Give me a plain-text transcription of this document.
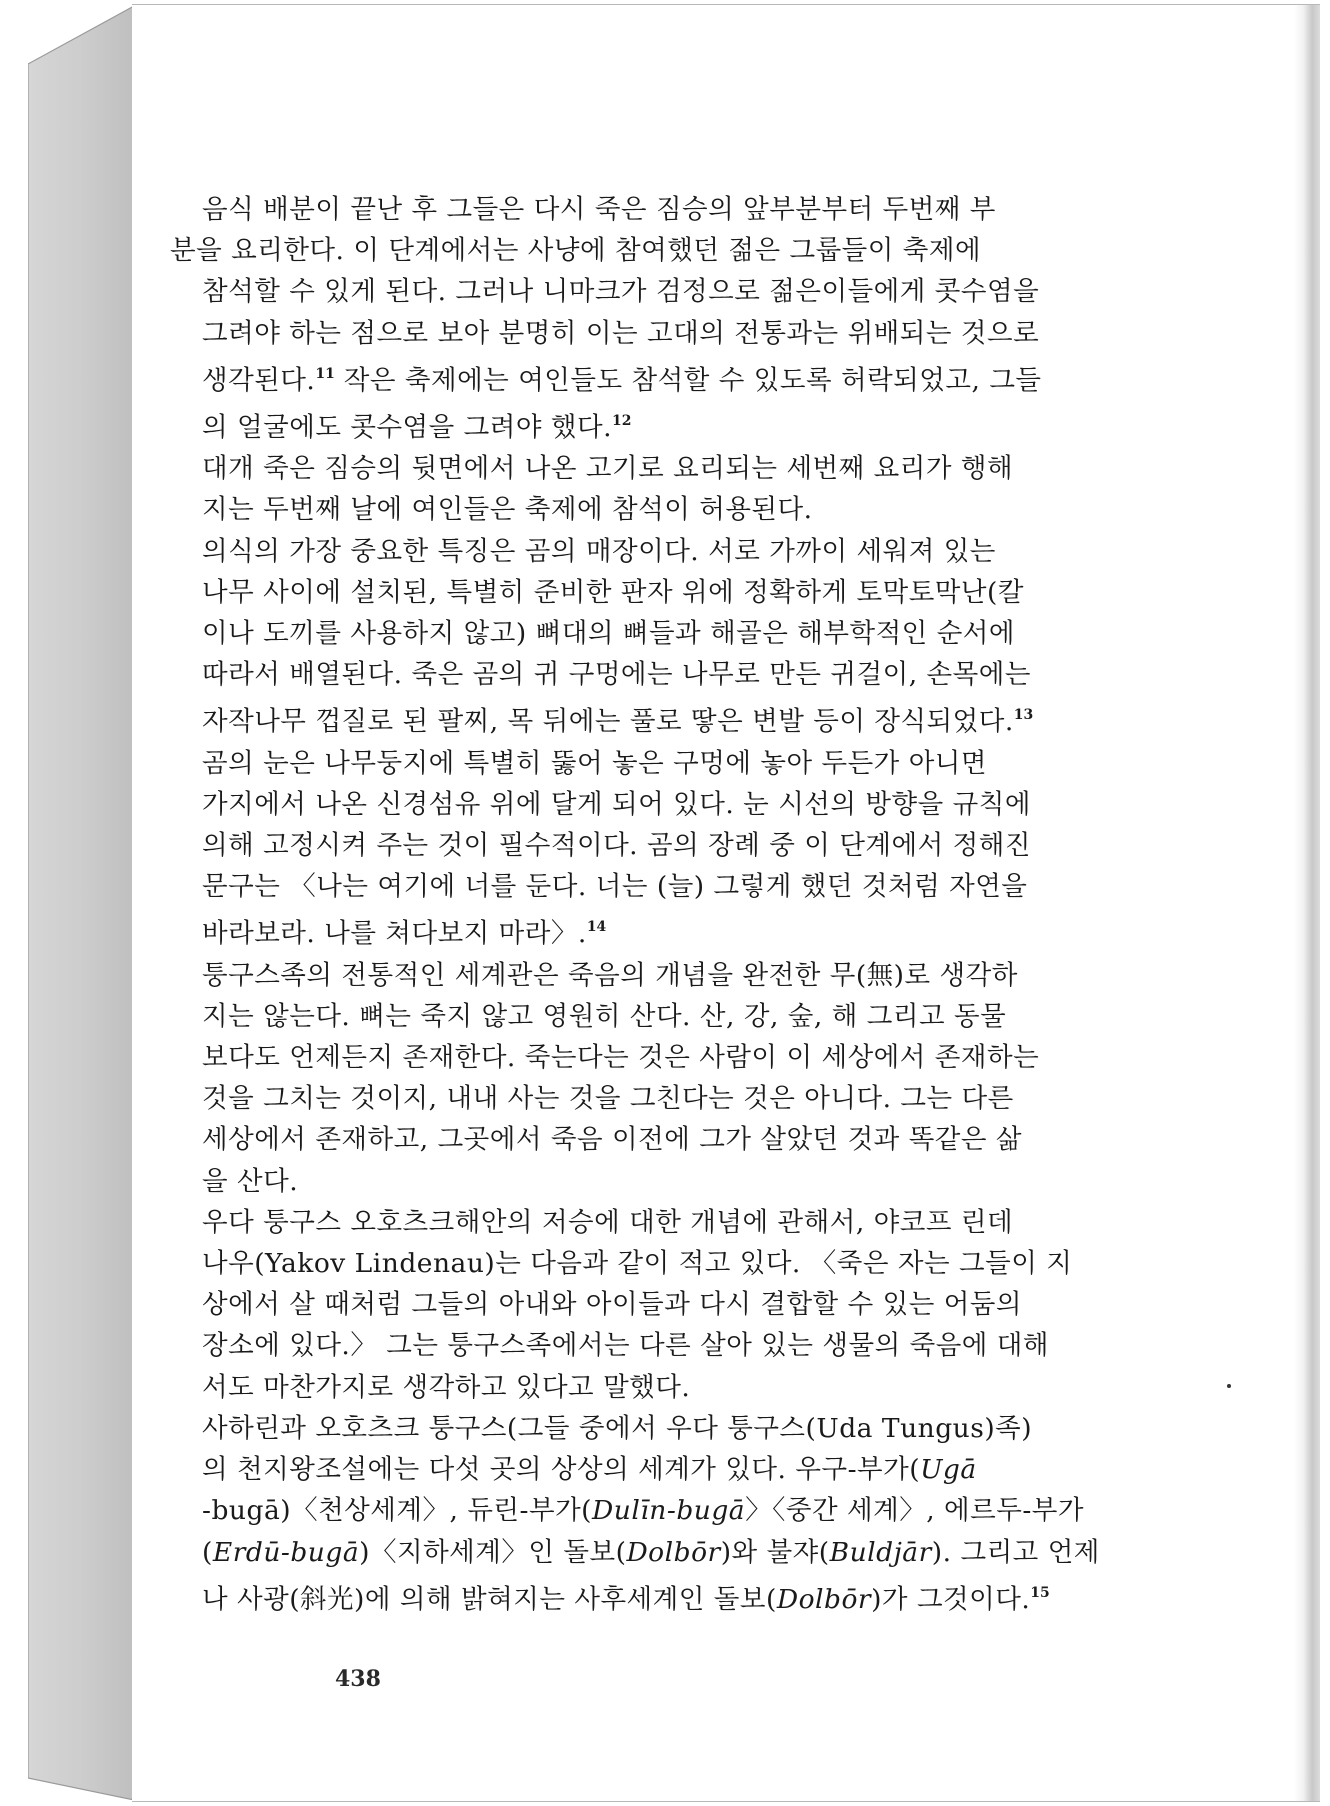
음식 배분이 끝난 후 그들은 다시 죽은 짐승의 앞부분부터 두번째 부
분을 요리한다. 이 단계에서는 사냥에 참여했던 젊은 그룹들이 축제에
참석할 수 있게 된다. 그러나 니마크가 검정으로 젊은이들에게 콧수염을
그려야 하는 점으로 보아 분명히 이는 고대의 전통과는 위배되는 것으로
생각된다.$^{11}$ 작은 축제에는 여인들도 참석할 수 있도록 허락되었고, 그들
의 얼굴에도 콧수염을 그려야 했다.$^{12}$

대개 죽은 짐승의 뒷면에서 나온 고기로 요리되는 세번째 요리가 행해
지는 두번째 날에 여인들은 축제에 참석이 허용된다.

의식의 가장 중요한 특징은 곰의 매장이다. 서로 가까이 세워져 있는
나무 사이에 설치된, 특별히 준비한 판자 위에 정확하게 토막토막난(칼
이나 도끼를 사용하지 않고) 뼈대의 뼈들과 해골은 해부학적인 순서에
따라서 배열된다. 죽은 곰의 귀 구멍에는 나무로 만든 귀걸이, 손목에는
자작나무 껍질로 된 팔찌, 목 뒤에는 풀로 땋은 변발 등이 장식되었다.$^{13}$

곰의 눈은 나무둥지에 특별히 뚫어 놓은 구멍에 놓아 두든가 아니면
가지에서 나온 신경섬유 위에 달게 되어 있다. 눈 시선의 방향을 규칙에
의해 고정시켜 주는 것이 필수적이다. 곰의 장례 중 이 단계에서 정해진
문구는 〈나는 여기에 너를 둔다. 너는 (늘) 그렇게 했던 것처럼 자연을
바라보라. 나를 쳐다보지 마라〉.$^{14}$

퉁구스족의 전통적인 세계관은 죽음의 개념을 완전한 무(無)로 생각하
지는 않는다. 뼈는 죽지 않고 영원히 산다. 산, 강, 숲, 해 그리고 동물
보다도 언제든지 존재한다. 죽는다는 것은 사람이 이 세상에서 존재하는
것을 그치는 것이지, 내내 사는 것을 그친다는 것은 아니다. 그는 다른
세상에서 존재하고, 그곳에서 죽음 이전에 그가 살았던 것과 똑같은 삶
을 산다.

우다 퉁구스 오호츠크해안의 저승에 대한 개념에 관해서, 야코프 린데
나우(Yakov Lindenau)는 다음과 같이 적고 있다. 〈죽은 자는 그들이 지
상에서 살 때처럼 그들의 아내와 아이들과 다시 결합할 수 있는 어둠의
장소에 있다.〉 그는 퉁구스족에서는 다른 살아 있는 생물의 죽음에 대해
서도 마찬가지로 생각하고 있다고 말했다.

사하린과 오호츠크 퉁구스(그들 중에서 우다 퉁구스(Uda Tungus)족)
의 천지왕조설에는 다섯 곳의 상상의 세계가 있다. 우구-부가(Ugā
-bugā)〈천상세계〉, 듀린-부가(Dulīn-bugā〉〈중간 세계〉, 에르두-부가
(Erdū-bugā)〈지하세계〉인 돌보(Dolbōr)와 불쟈(Buldjār). 그리고 언제
나 사광(斜光)에 의해 밝혀지는 사후세계인 돌보(Dolbōr)가 그것이다.$^{15}$

438
